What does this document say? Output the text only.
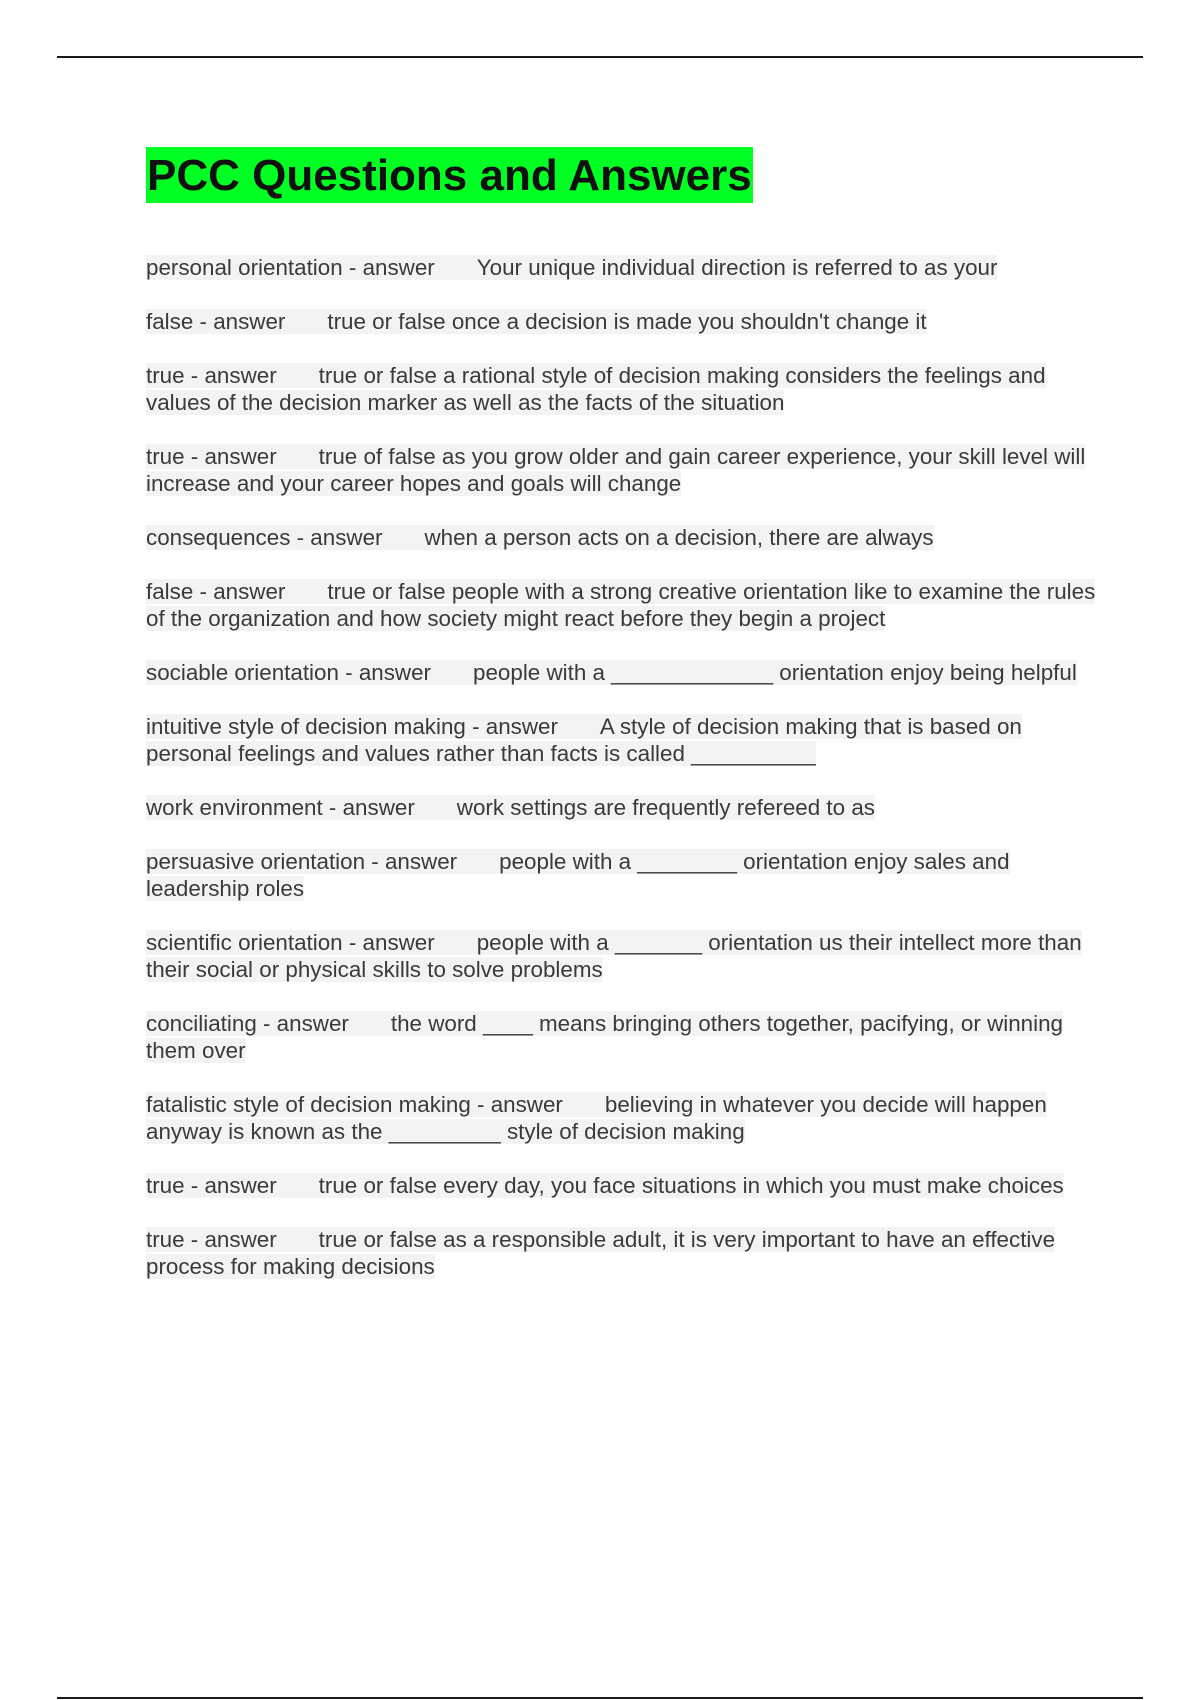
PCC Questions and Answers
personal orientation - answer Your unique individual direction is referred to as your
false - answer true or false once a decision is made you shouldn't change it
true - answer true or false a rational style of decision making considers the feelings and values of the decision marker as well as the facts of the situation
true - answer true of false as you grow older and gain career experience, your skill level will increase and your career hopes and goals will change
consequences - answer when a person acts on a decision, there are always
false - answer true or false people with a strong creative orientation like to examine the rules of the organization and how society might react before they begin a project
sociable orientation - answer people with a _____________ orientation enjoy being helpful
intuitive style of decision making - answer A style of decision making that is based on personal feelings and values rather than facts is called __________
work environment - answer work settings are frequently refereed to as
persuasive orientation - answer people with a ________ orientation enjoy sales and leadership roles
scientific orientation - answer people with a _______ orientation us their intellect more than their social or physical skills to solve problems
conciliating - answer the word ____ means bringing others together, pacifying, or winning them over
fatalistic style of decision making - answer believing in whatever you decide will happen anyway is known as the _________ style of decision making
true - answer true or false every day, you face situations in which you must make choices
true - answer true or false as a responsible adult, it is very important to have an effective process for making decisions
